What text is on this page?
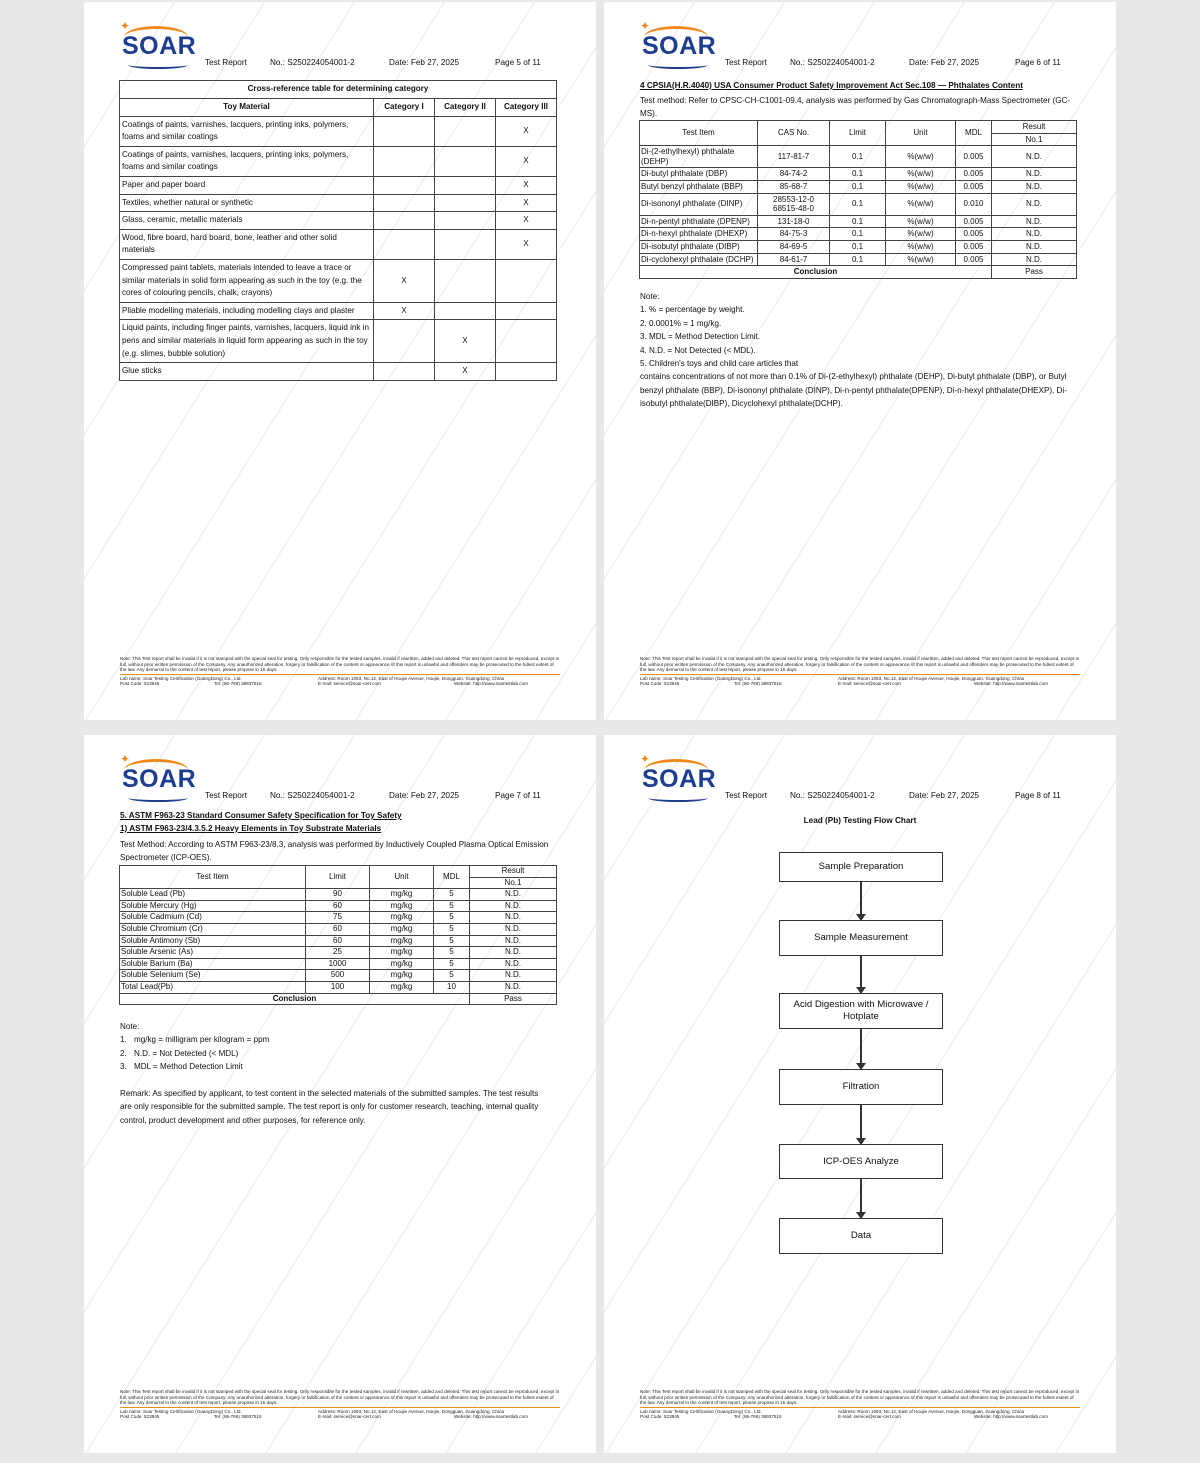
✦
SOAR
Test Report	No.: S250224054001-2	Date: Feb 27, 2025	Page 5 of 11
Cross-reference table for determining category			
Toy Material	Category I	Category II	Category III
Coatings of paints, varnishes, lacquers, printing inks, polymers, foams and similar coatings			X
Coatings of paints, varnishes, lacquers, printing inks, polymers, foams and similar coatings			X
Paper and paper board			X
Textiles, whether natural or synthetic			X
Glass, ceramic, metallic materials			X
Wood, fibre board, hard board, bone, leather and other solid materials			X
Compressed paint tablets, materials intended to leave a trace or similar materials in solid form appearing as such in the toy (e.g. the cores of colouring pencils, chalk, crayons)	X		
Pliable modelling materials, including modelling clays and plaster	X		
Liquid paints, including finger paints, varnishes, lacquers, liquid ink in pens and similar materials in liquid form appearing as such in the toy (e.g. slimes, bubble solution)		X	
Glue sticks		X	
Note: This Test report shall be invalid if it is not stamped with the special seal for testing. Only responsible for the tested samples, invalid if rewritten, added and deleted. This test report cannot be reproduced, except in full, without prior written permission of the Company. Any unauthorized alteration, forgery or falsification of the content or appearance of this report is unlawful and offenders may be prosecuted to the fullest extent of the law. Any demurral to the content of test report, please propose in 15 days.
Lab name: Soar Testing Certification (GuangDong) Co., Ltd.	Address: Room 1093, No.12, East of Houjie Avenue, Houjie, Dongguan, Guangdong, China
Post Code: 523945	Tel: (86-769) 38937518	E-mail: service@soar-cert.com	Website: http://www.soartestlab.com
✦
SOAR
Test Report	No.: S250224054001-2	Date: Feb 27, 2025	Page 6 of 11
4 CPSIA(H.R.4040) USA Consumer Product Safety Improvement Act Sec.108 — Phthalates Content
Test method: Refer to CPSC-CH-C1001-09.4, analysis was performed by Gas Chromatograph-Mass Spectrometer (GC-MS).
Test Item	CAS No.	Limit	Unit	MDL	Result
					No.1
Di-(2-ethylhexyl) phthalate (DEHP)	117-81-7	0.1	%(w/w)	0.005	N.D.
Di-butyl phthalate (DBP)	84-74-2	0.1	%(w/w)	0.005	N.D.
Butyl benzyl phthalate (BBP)	85-68-7	0.1	%(w/w)	0.005	N.D.
Di-isononyl phthalate (DINP)	28553-12-0
68515-48-0	0.1	%(w/w)	0.010	N.D.
Di-n-pentyl phthalate (DPENP)	131-18-0	0.1	%(w/w)	0.005	N.D.
Di-n-hexyl phthalate (DHEXP)	84-75-3	0.1	%(w/w)	0.005	N.D.
Di-isobutyl phthalate (DIBP)	84-69-5	0.1	%(w/w)	0.005	N.D.
Di-cyclohexyl phthalate (DCHP)	84-61-7	0.1	%(w/w)	0.005	N.D.
Conclusion					Pass
Note:
1. % = percentage by weight.
2. 0.0001% = 1 mg/kg.
3. MDL = Method Detection Limit.
4. N.D. = Not Detected (< MDL).
5. Children's toys and child care articles that
contains concentrations of not more than 0.1% of Di-(2-ethylhexyl) phthalate (DEHP), Di-butyl phthalate (DBP), or Butyl benzyl phthalate (BBP), Di-isononyl phthalate (DINP), Di-n-pentyl phthalate(DPENP), Di-n-hexyl phthalate(DHEXP), Di-isobutyl phthalate(DIBP), Dicyclohexyl phthalate(DCHP).
Note: This Test report shall be invalid if it is not stamped with the special seal for testing. Only responsible for the tested samples, invalid if rewritten, added and deleted. This test report cannot be reproduced, except in full, without prior written permission of the Company. Any unauthorized alteration, forgery or falsification of the content or appearance of this report is unlawful and offenders may be prosecuted to the fullest extent of the law. Any demurral to the content of test report, please propose in 15 days.
Lab name: Soar Testing Certification (GuangDong) Co., Ltd.	Address: Room 1093, No.12, East of Houjie Avenue, Houjie, Dongguan, Guangdong, China
Post Code: 523945	Tel: (86-769) 38937518	E-mail: service@soar-cert.com	Website: http://www.soartestlab.com
✦
SOAR
Test Report	No.: S250224054001-2	Date: Feb 27, 2025	Page 7 of 11
5. ASTM F963-23 Standard Consumer Safety Specification for Toy Safety
1) ASTM F963-23/4.3.5.2 Heavy Elements in Toy Substrate Materials
Test Method: According to ASTM F963-23/8.3, analysis was performed by Inductively Coupled Plasma Optical Emission Spectrometer (ICP-OES).
Test Item	Limit	Unit	MDL	Result
				No.1
Soluble Lead (Pb)	90	mg/kg	5	N.D.
Soluble Mercury (Hg)	60	mg/kg	5	N.D.
Soluble Cadmium (Cd)	75	mg/kg	5	N.D.
Soluble Chromium (Cr)	60	mg/kg	5	N.D.
Soluble Antimony (Sb)	60	mg/kg	5	N.D.
Soluble Arsenic (As)	25	mg/kg	5	N.D.
Soluble Barium (Ba)	1000	mg/kg	5	N.D.
Soluble Selenium (Se)	500	mg/kg	5	N.D.
Total Lead(Pb)	100	mg/kg	10	N.D.
Conclusion				Pass
Note:
1. mg/kg = milligram per kilogram = ppm
2. N.D. = Not Detected (< MDL)
3. MDL = Method Detection Limit
Remark: As specified by applicant, to test content in the selected materials of the submitted samples. The test results are only responsible for the submitted sample. The test report is only for customer research, teaching, internal quality control, product development and other purposes, for reference only.
Note: This Test report shall be invalid if it is not stamped with the special seal for testing. Only responsible for the tested samples, invalid if rewritten, added and deleted. This test report cannot be reproduced, except in full, without prior written permission of the Company. Any unauthorized alteration, forgery or falsification of the content or appearance of this report is unlawful and offenders may be prosecuted to the fullest extent of the law. Any demurral to the content of test report, please propose in 15 days.
Lab name: Soar Testing Certification (GuangDong) Co., Ltd.	Address: Room 1093, No.12, East of Houjie Avenue, Houjie, Dongguan, Guangdong, China
Post Code: 523945	Tel: (86-769) 38937518	E-mail: service@soar-cert.com	Website: http://www.soartestlab.com
✦
SOAR
Test Report	No.: S250224054001-2	Date: Feb 27, 2025	Page 8 of 11
Lead (Pb) Testing Flow Chart
Sample Preparation
Sample Measurement
Acid Digestion with Microwave / Hotplate
Filtration
ICP-OES Analyze
Data
Note: This Test report shall be invalid if it is not stamped with the special seal for testing. Only responsible for the tested samples, invalid if rewritten, added and deleted. This test report cannot be reproduced, except in full, without prior written permission of the Company. Any unauthorized alteration, forgery or falsification of the content or appearance of this report is unlawful and offenders may be prosecuted to the fullest extent of the law. Any demurral to the content of test report, please propose in 15 days.
Lab name: Soar Testing Certification (GuangDong) Co., Ltd.	Address: Room 1093, No.12, East of Houjie Avenue, Houjie, Dongguan, Guangdong, China
Post Code: 523945	Tel: (86-769) 38937518	E-mail: service@soar-cert.com	Website: http://www.soartestlab.com
